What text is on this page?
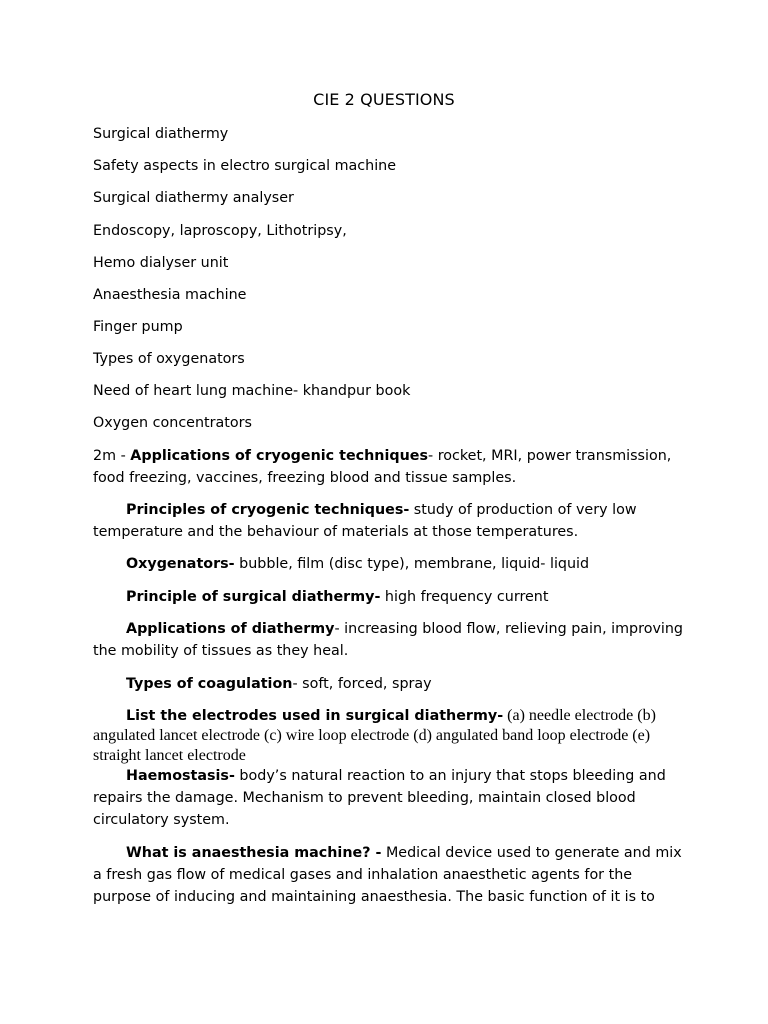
CIE 2 QUESTIONS
Surgical diathermy
Safety aspects in electro surgical machine
Surgical diathermy analyser
Endoscopy, laproscopy, Lithotripsy,
Hemo dialyser unit
Anaesthesia machine
Finger pump
Types of oxygenators
Need of heart lung machine- khandpur book
Oxygen concentrators
2m - Applications of cryogenic techniques- rocket, MRI, power transmission, food freezing, vaccines, freezing blood and tissue samples.
Principles of cryogenic techniques- study of production of very low temperature and the behaviour of materials at those temperatures.
Oxygenators- bubble, film (disc type), membrane, liquid- liquid
Principle of surgical diathermy- high frequency current
Applications of diathermy- increasing blood flow, relieving pain, improving the mobility of tissues as they heal.
Types of coagulation- soft, forced, spray
List the electrodes used in surgical diathermy- (a) needle electrode (b) angulated lancet electrode (c) wire loop electrode (d) angulated band loop electrode (e) straight lancet electrode
Haemostasis- body’s natural reaction to an injury that stops bleeding and repairs the damage. Mechanism to prevent bleeding, maintain closed blood circulatory system.
What is anaesthesia machine? - Medical device used to generate and mix a fresh gas flow of medical gases and inhalation anaesthetic agents for the purpose of inducing and maintaining anaesthesia. The basic function of it is to
